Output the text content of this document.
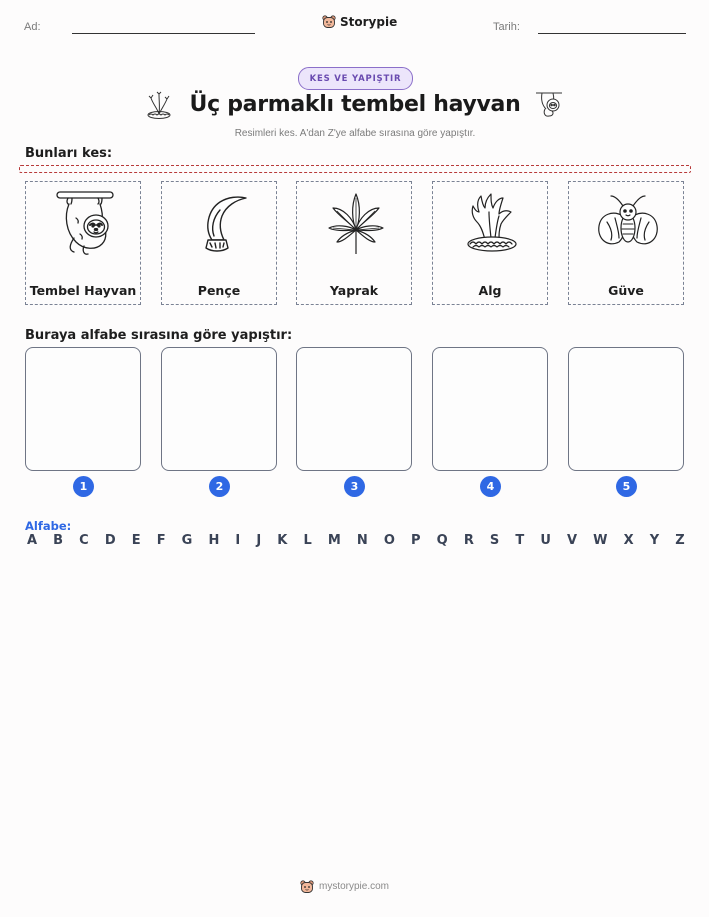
Ad:	Storypie	Tarih:
KES VE YAPIŞTIR
Üç parmaklı tembel hayvan
Resimleri kes. A'dan Z'ye alfabe sırasına göre yapıştır.
Bunları kes:
Tembel Hayvan	Pençe	Yaprak	Alg	Güve
Buraya alfabe sırasına göre yapıştır:
1	2	3	4	5
Alfabe:
A B C D E F G H I J K L M N O P Q R S T U V W X Y Z
mystorypie.com
